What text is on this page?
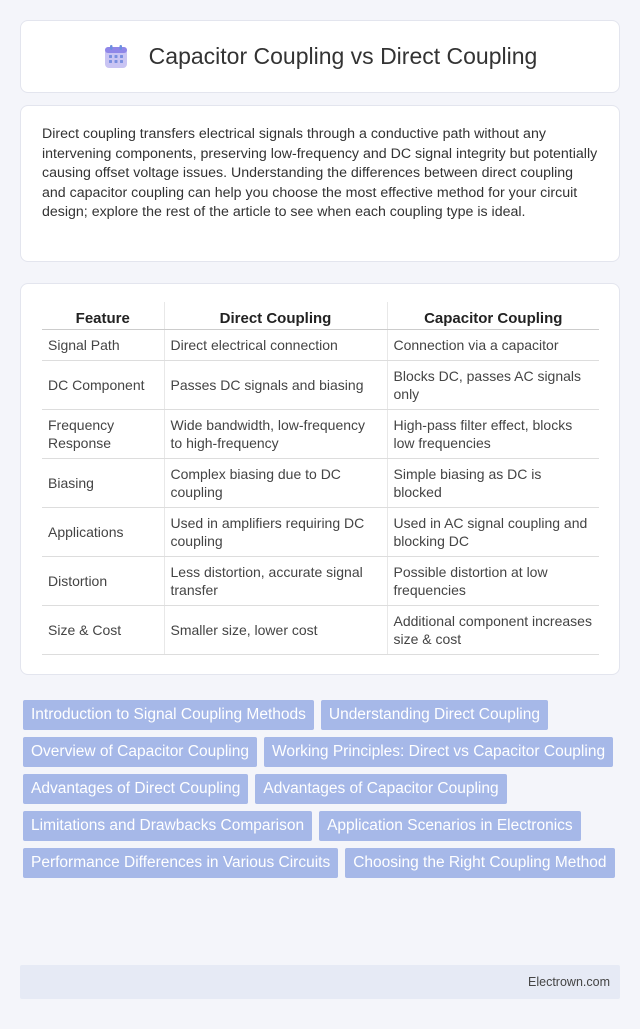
Capacitor Coupling vs Direct Coupling

Direct coupling transfers electrical signals through a conductive path without any intervening components, preserving low-frequency and DC signal integrity but potentially causing offset voltage issues. Understanding the differences between direct coupling and capacitor coupling can help you choose the most effective method for your circuit design; explore the rest of the article to see when each coupling type is ideal.

Feature	Direct Coupling	Capacitor Coupling
Signal Path	Direct electrical connection	Connection via a capacitor
DC Component	Passes DC signals and biasing	Blocks DC, passes AC signals only
Frequency Response	Wide bandwidth, low-frequency to high-frequency	High-pass filter effect, blocks low frequencies
Biasing	Complex biasing due to DC coupling	Simple biasing as DC is blocked
Applications	Used in amplifiers requiring DC coupling	Used in AC signal coupling and blocking DC
Distortion	Less distortion, accurate signal transfer	Possible distortion at low frequencies
Size & Cost	Smaller size, lower cost	Additional component increases size & cost
Introduction to Signal Coupling Methods	Understanding Direct Coupling
Overview of Capacitor Coupling	Working Principles: Direct vs Capacitor Coupling
Advantages of Direct Coupling	Advantages of Capacitor Coupling
Limitations and Drawbacks Comparison	Application Scenarios in Electronics
Performance Differences in Various Circuits	Choosing the Right Coupling Method
Electrown.com
